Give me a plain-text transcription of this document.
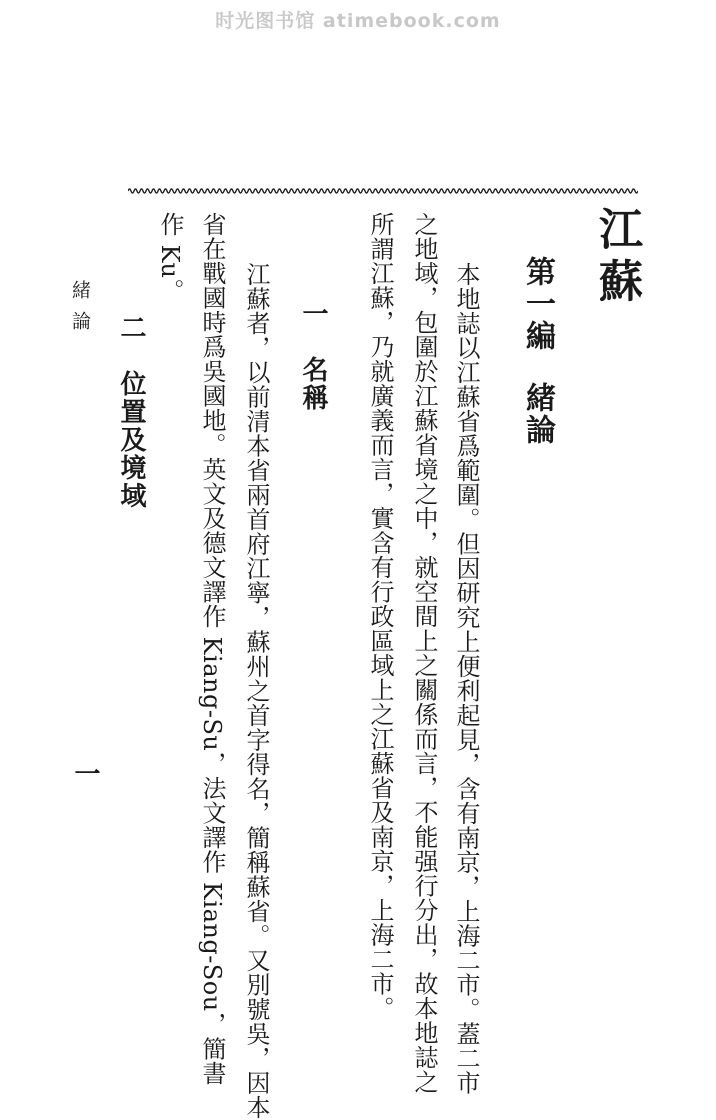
时光图书馆 atimebook.com
江蘇
第一編緒論
本地誌以江蘇省爲範圍。但因研究上便利起見，含有南京，上海二市。蓋二市
之地域，包圍於江蘇省境之中，就空間上之關係而言，不能强行分出，故本地誌之
所謂江蘇，乃就廣義而言，實含有行政區域上之江蘇省及南京，上海二市。
一　名稱
江蘇者，以前清本省兩首府江寧，蘇州之首字得名，簡稱蘇省。又別號吳，因本
省在戰國時爲吳國地。英文及德文譯作 Kiang-Su，法文譯作 Kiang-Sou，簡書
作 Ku。
二　位置及境域
緒論
一
